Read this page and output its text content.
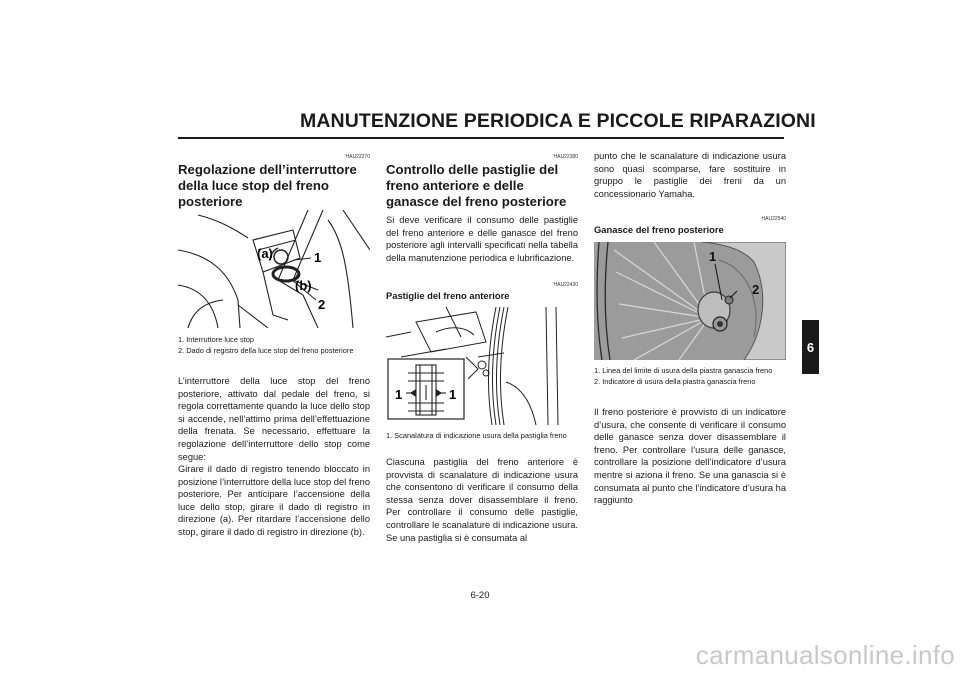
MANUTENZIONE PERIODICA E PICCOLE RIPARAZIONI
6
HAU22270
Regolazione dell’interruttore della luce stop del freno posteriore
(a)	1
(b)
2
1. Interruttore luce stop
2. Dado di registro della luce stop del freno posteriore
L’interruttore della luce stop del freno posteriore, attivato dal pedale del freno, si regola correttamente quando la luce dello stop si accende, nell’attimo prima dell’effettuazione della frenata. Se necessario, effettuare la regolazione dell’interruttore dello stop come segue:
Girare il dado di registro tenendo bloccato in posizione l’interruttore della luce stop del freno posteriore. Per anticipare l’accensione della luce dello stop, girare il dado di registro in direzione (a). Per ritardare l’accensione dello stop, girare il dado di registro in direzione (b).
HAU22380
Controllo delle pastiglie del freno anteriore e delle ganasce del freno posteriore
Si deve verificare il consumo delle pastiglie del freno anteriore e delle ganasce del freno posteriore agli intervalli specificati nella tabella della manutenzione periodica e lubrificazione.
HAU22430
Pastiglie del freno anteriore
1	1
1. Scanalatura di indicazione usura della pastiglia freno
Ciascuna pastiglia del freno anteriore è provvista di scanalature di indicazione usura che consentono di verificare il consumo della stessa senza dover disassemblare il freno. Per controllare il consumo delle pastiglie, controllare le scanalature di indicazione usura. Se una pastiglia si è consumata al
punto che le scanalature di indicazione usura sono quasi scomparse, fare sostituire in gruppo le pastiglie dei freni da un concessionario Yamaha.
HAU22540
Ganasce del freno posteriore
1
2
1. Linea del limite di usura della piastra ganascia freno
2. Indicatore di usura della piastra ganascia freno
Il freno posteriore è provvisto di un indicatore d’usura, che consente di verificare il consumo delle ganasce senza dover disassemblare il freno. Per controllare l’usura delle ganasce, controllare la posizione dell’indicatore d’usura mentre si aziona il freno. Se una ganascia si è consumata al punto che l’indicatore d’usura ha raggiunto
6-20
carmanualsonline.info
